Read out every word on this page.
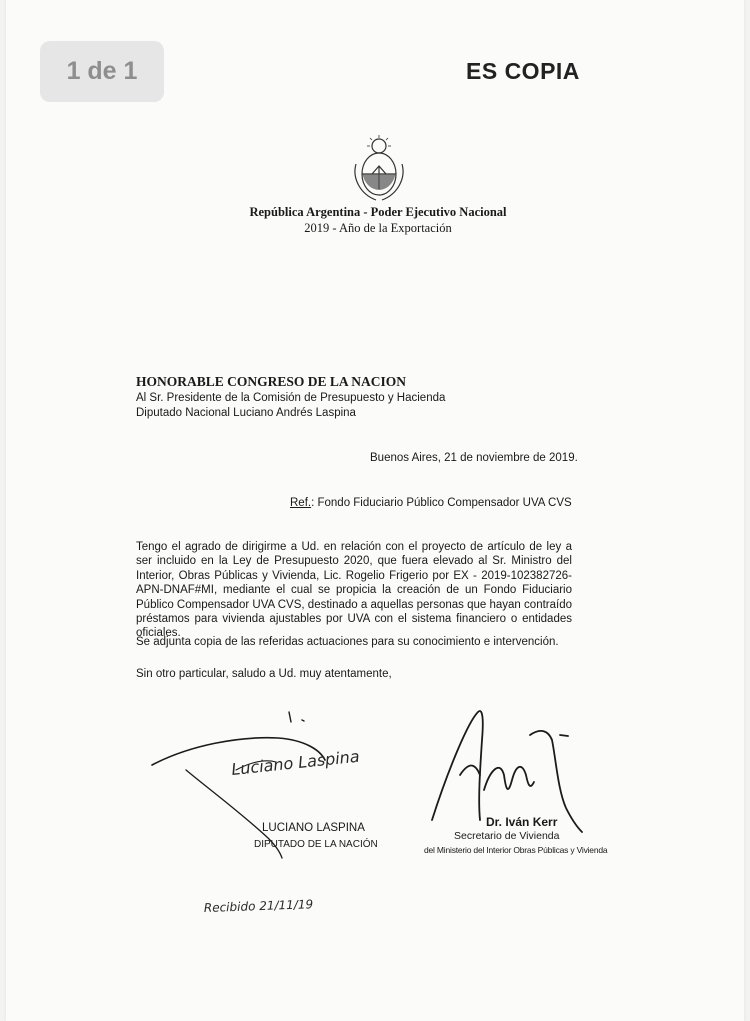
1 de 1	ES COPIA
República Argentina - Poder Ejecutivo Nacional
2019 - Año de la Exportación
HONORABLE CONGRESO DE LA NACION
Al Sr. Presidente de la Comisión de Presupuesto y Hacienda
Diputado Nacional Luciano Andrés Laspina
Buenos Aires, 21 de noviembre de 2019.
Ref.: Fondo Fiduciario Público Compensador UVA CVS
Tengo el agrado de dirigirme a Ud. en relación con el proyecto de artículo de ley a ser incluido en la Ley de Presupuesto 2020, que fuera elevado al Sr. Ministro del Interior, Obras Públicas y Vivienda, Lic. Rogelio Frigerio por EX - 2019-102382726-APN-DNAF#MI, mediante el cual se propicia la creación de un Fondo Fiduciario Público Compensador UVA CVS, destinado a aquellas personas que hayan contraído préstamos para vivienda ajustables por UVA con el sistema financiero o entidades oficiales.
Se adjunta copia de las referidas actuaciones para su conocimiento e intervención.
Sin otro particular, saludo a Ud. muy atentamente,
Luciano Laspina
Recibido 21/11/19
LUCIANO LASPINA
DIPUTADO DE LA NACIÓN
Dr. Iván Kerr
Secretario de Vivienda
del Ministerio del Interior Obras Públicas y Vivienda
